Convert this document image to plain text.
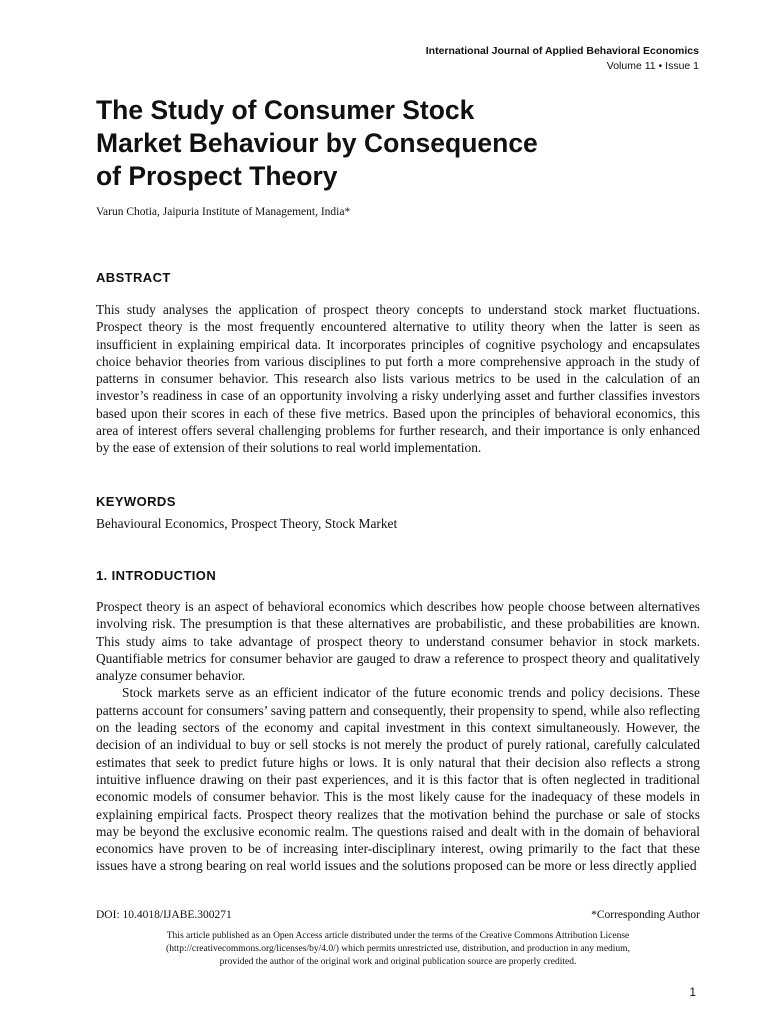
International Journal of Applied Behavioral Economics
Volume 11 • Issue 1
The Study of Consumer Stock
Market Behaviour by Consequence
of Prospect Theory
Varun Chotia, Jaipuria Institute of Management, India*
ABSTRACT

This study analyses the application of prospect theory concepts to understand stock market fluctuations. Prospect theory is the most frequently encountered alternative to utility theory when the latter is seen as insufficient in explaining empirical data. It incorporates principles of cognitive psychology and encapsulates choice behavior theories from various disciplines to put forth a more comprehensive approach in the study of patterns in consumer behavior. This research also lists various metrics to be used in the calculation of an investor’s readiness in case of an opportunity involving a risky underlying asset and further classifies investors based upon their scores in each of these five metrics. Based upon the principles of behavioral economics, this area of interest offers several challenging problems for further research, and their importance is only enhanced by the ease of extension of their solutions to real world implementation.

KEYWORDS

Behavioural Economics, Prospect Theory, Stock Market

1. INTRODUCTION

Prospect theory is an aspect of behavioral economics which describes how people choose between alternatives involving risk. The presumption is that these alternatives are probabilistic, and these probabilities are known. This study aims to take advantage of prospect theory to understand consumer behavior in stock markets. Quantifiable metrics for consumer behavior are gauged to draw a reference to prospect theory and qualitatively analyze consumer behavior.

Stock markets serve as an efficient indicator of the future economic trends and policy decisions. These patterns account for consumers’ saving pattern and consequently, their propensity to spend, while also reflecting on the leading sectors of the economy and capital investment in this context simultaneously. However, the decision of an individual to buy or sell stocks is not merely the product of purely rational, carefully calculated estimates that seek to predict future highs or lows. It is only natural that their decision also reflects a strong intuitive influence drawing on their past experiences, and it is this factor that is often neglected in traditional economic models of consumer behavior. This is the most likely cause for the inadequacy of these models in explaining empirical facts. Prospect theory realizes that the motivation behind the purchase or sale of stocks may be beyond the exclusive economic realm. The questions raised and dealt with in the domain of behavioral economics have proven to be of increasing inter-disciplinary interest, owing primarily to the fact that these issues have a strong bearing on real world issues and the solutions proposed can be more or less directly applied

DOI: 10.4018/IJABE.300271	*Corresponding Author
This article published as an Open Access article distributed under the terms of the Creative Commons Attribution License
(http://creativecommons.org/licenses/by/4.0/) which permits unrestricted use, distribution, and production in any medium,
provided the author of the original work and original publication source are properly credited.
1
